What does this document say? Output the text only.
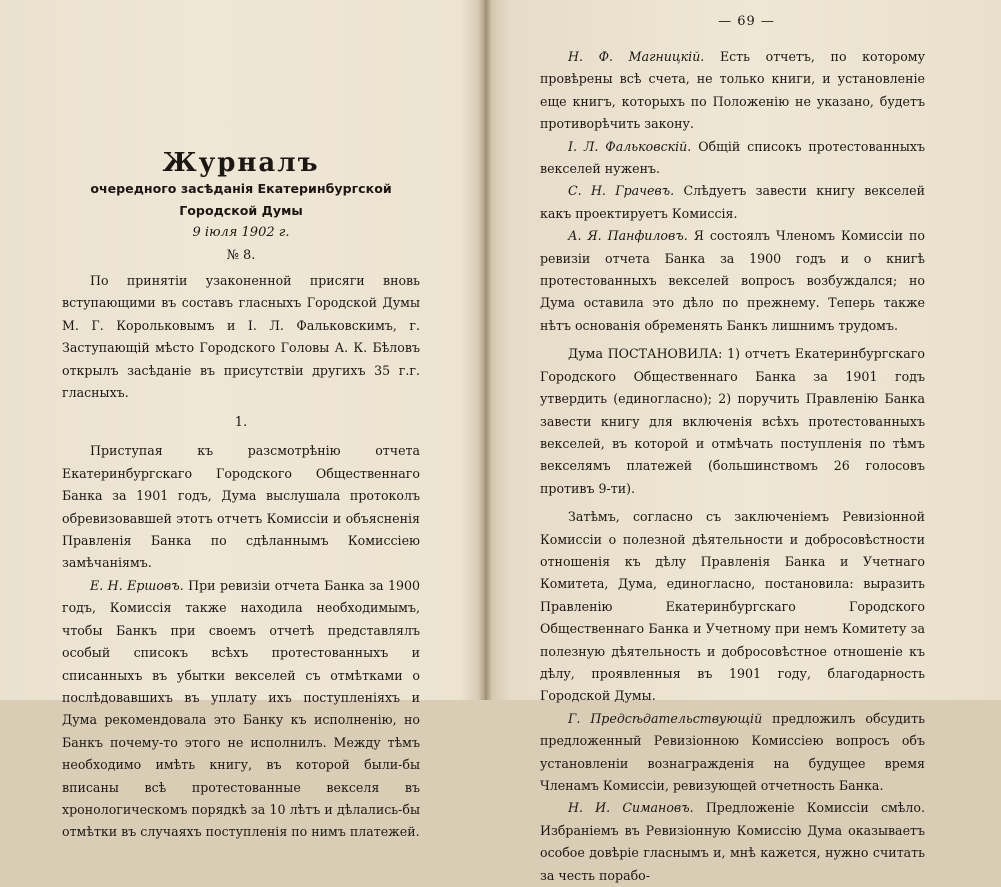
Журналъ
очередного засѣданія Екатеринбургской Городской Думы
9 іюля 1902 г.
№ 8.

По принятіи узаконенной присяги вновь вступающими въ составъ гласныхъ Городской Думы М. Г. Корольковымъ и І. Л. Фальковскимъ, г. Заступающій мѣсто Городского Головы А. К. Бѣловъ открылъ засѣданіе въ присутствіи другихъ 35 г.г. гласныхъ.

1.

Приступая къ разсмотрѣнію отчета Екатеринбургскаго Городского Общественнаго Банка за 1901 годъ, Дума выслушала протоколъ обревизовавшей этотъ отчетъ Комиссіи и объясненія Правленія Банка по сдѣланнымъ Комиссіею замѣчаніямъ.

Е. Н. Ершовъ. При ревизіи отчета Банка за 1900 годъ, Комиссія также находила необходимымъ, чтобы Банкъ при своемъ отчетѣ представлялъ особый списокъ всѣхъ протестованныхъ и списанныхъ въ убытки векселей съ отмѣтками о послѣдовавшихъ въ уплату ихъ поступленіяхъ и Дума рекомендовала это Банку къ исполненію, но Банкъ почему-то этого не исполнилъ. Между тѣмъ необходимо имѣть книгу, въ которой были-бы вписаны всѣ протестованные векселя въ хронологическомъ порядкѣ за 10 лѣтъ и дѣлались-бы отмѣтки въ случаяхъ поступленія по нимъ платежей.

— 69 —

Н. Ф. Магницкій. Есть отчетъ, по которому провѣрены всѣ счета, не только книги, и установленіе еще книгъ, которыхъ по Положенію не указано, будетъ противорѣчить закону.

І. Л. Фальковскій. Общій списокъ протестованныхъ векселей нуженъ.

С. Н. Грачевъ. Слѣдуетъ завести книгу векселей какъ проектируетъ Комиссія.

А. Я. Панфиловъ. Я состоялъ Членомъ Комиссіи по ревизіи отчета Банка за 1900 годъ и о книгѣ протестованныхъ векселей вопросъ возбуждался; но Дума оставила это дѣло по прежнему. Теперь также нѣтъ основанія обременять Банкъ лишнимъ трудомъ.

Дума ПОСТАНОВИЛА: 1) отчетъ Екатеринбургскаго Городского Общественнаго Банка за 1901 годъ утвердить (единогласно); 2) поручить Правленію Банка завести книгу для включенія всѣхъ протестованныхъ векселей, въ которой и отмѣчать поступленія по тѣмъ векселямъ платежей (большинствомъ 26 голосовъ противъ 9-ти).

Затѣмъ, согласно съ заключеніемъ Ревизіонной Комиссіи о полезной дѣятельности и добросовѣстности отношенія къ дѣлу Правленія Банка и Учетнаго Комитета, Дума, единогласно, постановила: выразить Правленію Екатеринбургскаго Городского Общественнаго Банка и Учетному при немъ Комитету за полезную дѣятельность и добросовѣстное отношеніе къ дѣлу, проявленныя въ 1901 году, благодарность Городской Думы.

Г. Предсѣдательствующій предложилъ обсудить предложенный Ревизіонною Комиссіею вопросъ объ установленіи вознагражденія на будущее время Членамъ Комиссіи, ревизующей отчетность Банка.

Н. И. Симановъ. Предложеніе Комиссіи смѣло. Избраніемъ въ Ревизіонную Комиссію Дума оказываетъ особое довѣріе гласнымъ и, мнѣ кажется, нужно считать за честь порабо-
